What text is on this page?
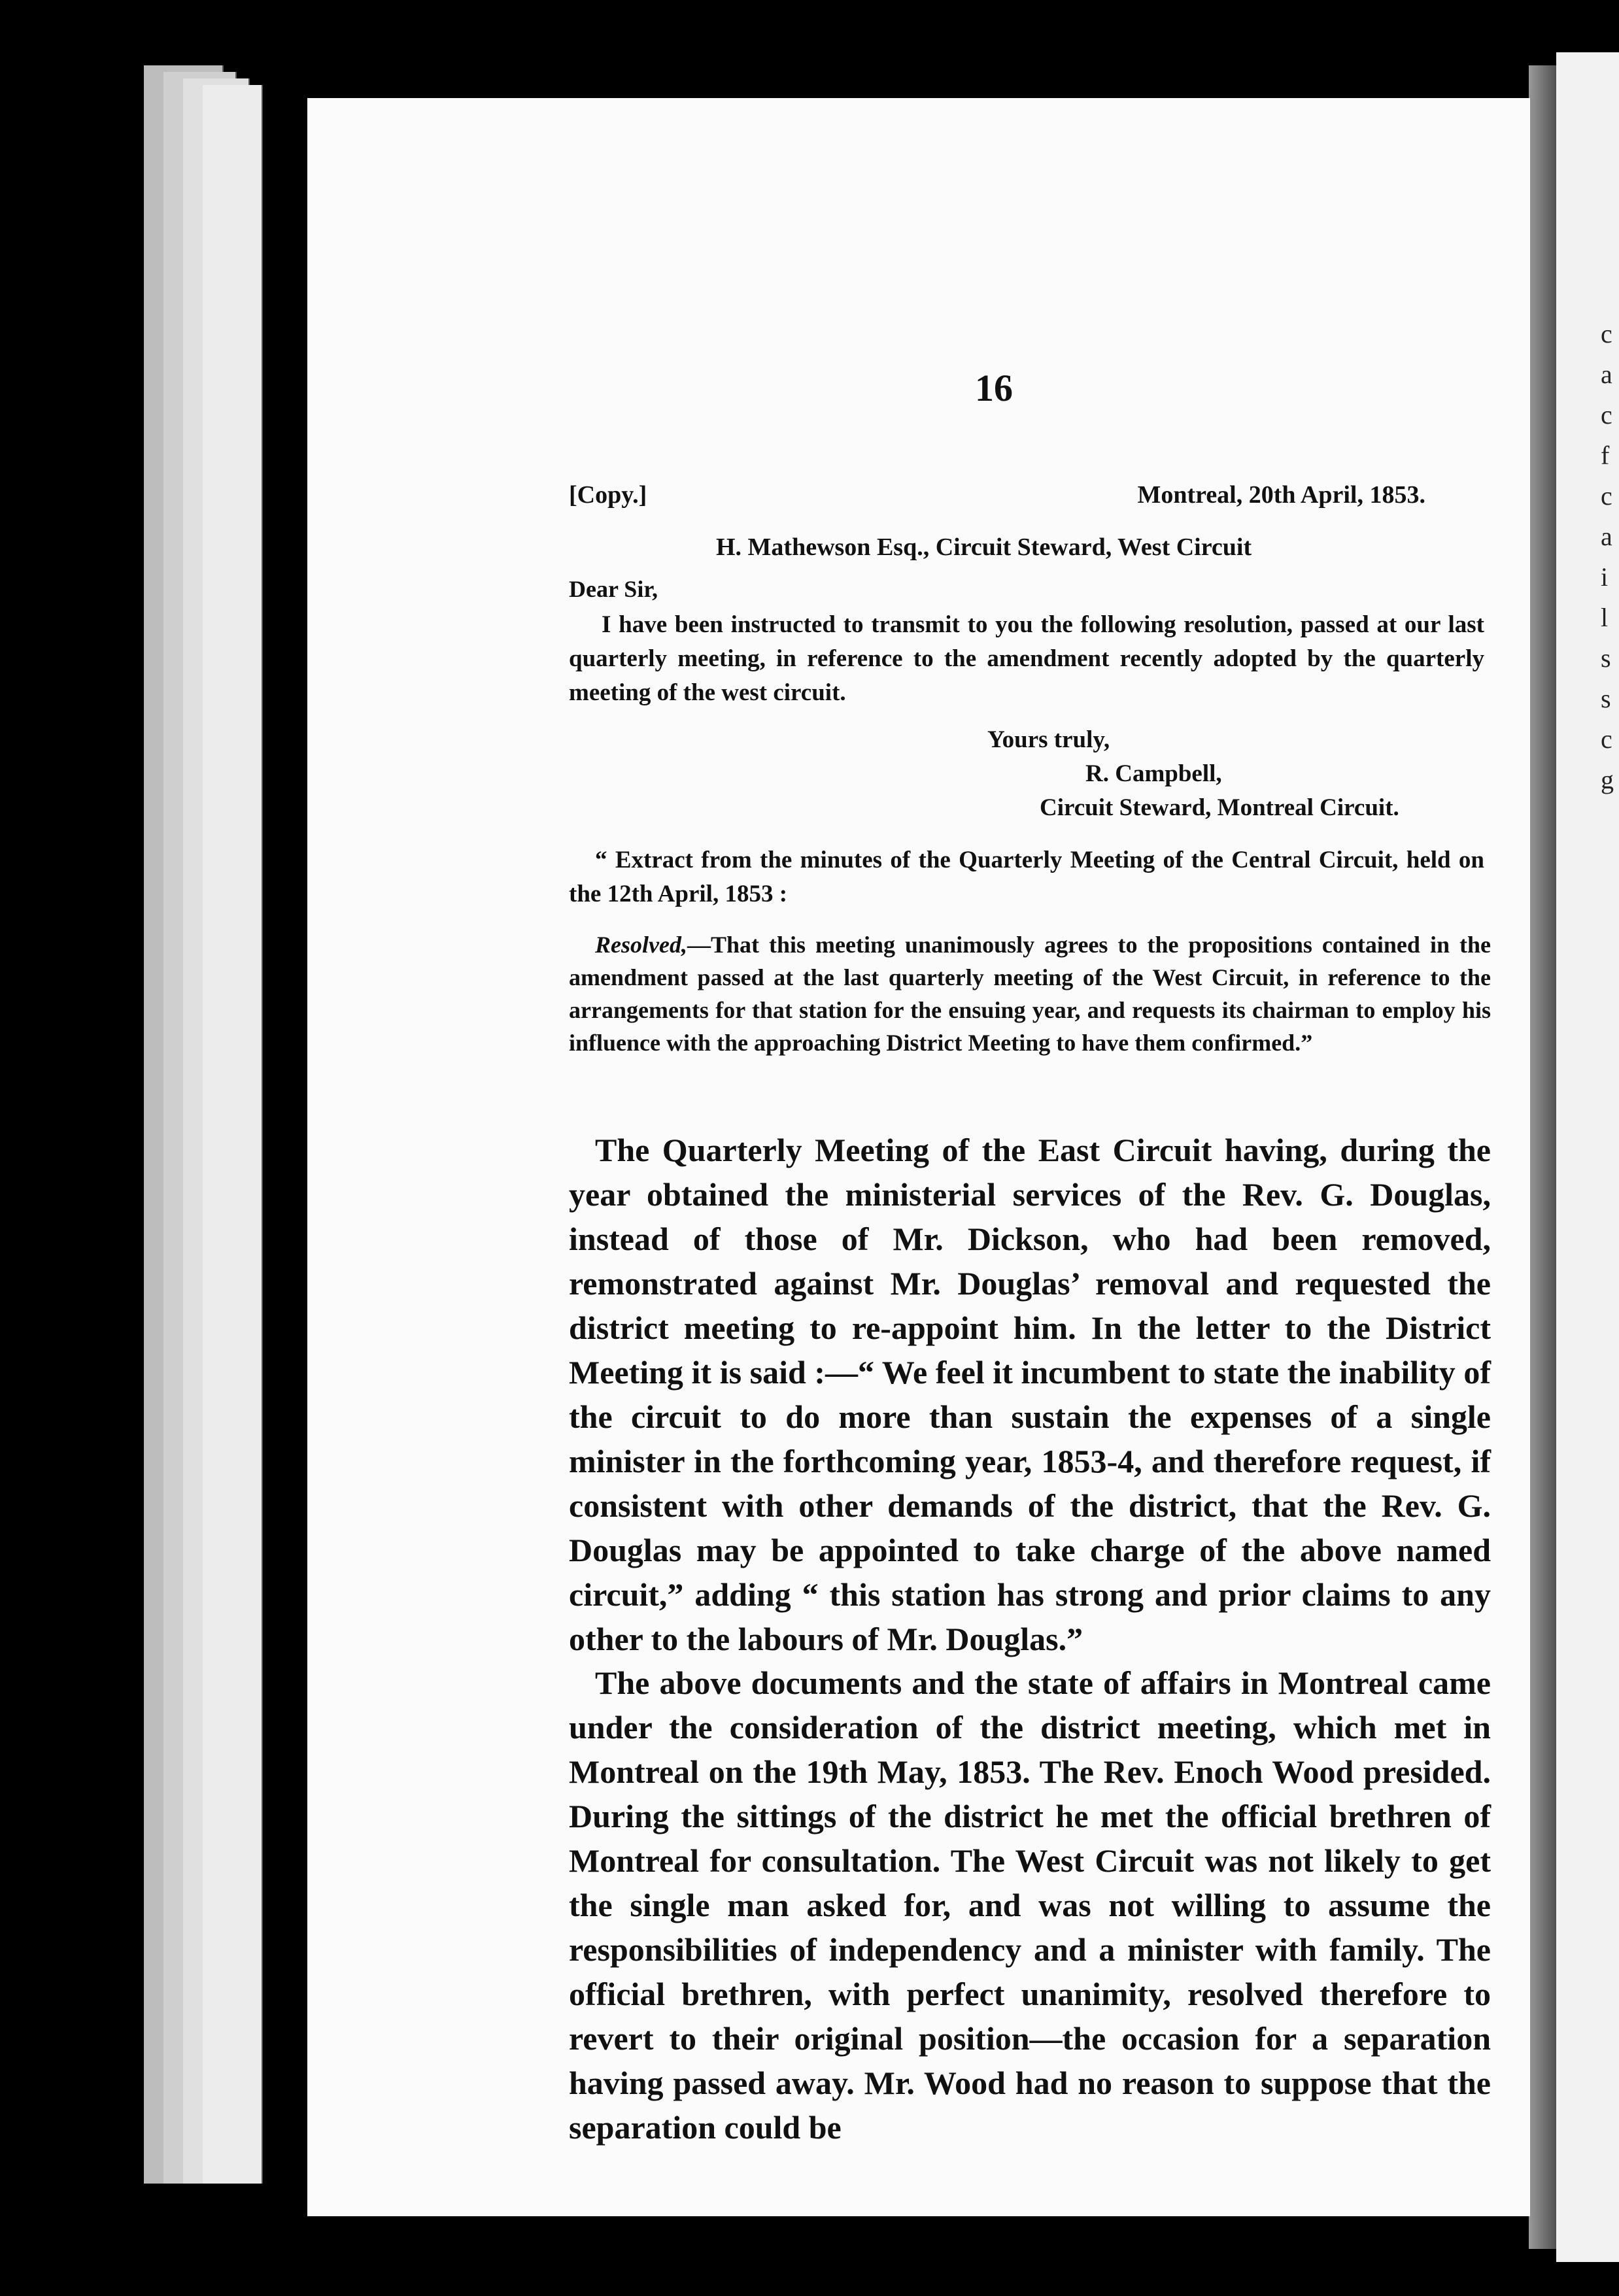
c
a
c
f
c
a
i
l
s
s
c
g
16
[Copy.]	Montreal, 20th April, 1853.
H. Mathewson Esq., Circuit Steward, West Circuit
Dear Sir,
I have been instructed to transmit to you the following resolution, passed at our last quarterly meeting, in reference to the amendment recently adopted by the quarterly meeting of the west circuit.
Yours truly,
R. Campbell,
Circuit Steward, Montreal Circuit.
“ Extract from the minutes of the Quarterly Meeting of the Central Circuit, held on the 12th April, 1853 :
Resolved,—That this meeting unanimously agrees to the propositions contained in the amendment passed at the last quarterly meeting of the West Circuit, in reference to the arrangements for that station for the ensuing year, and requests its chairman to employ his influence with the approaching District Meeting to have them confirmed.”
The Quarterly Meeting of the East Circuit having, during the year obtained the ministerial services of the Rev. G. Douglas, instead of those of Mr. Dickson, who had been removed, remonstrated against Mr. Douglas’ removal and requested the district meeting to re-appoint him. In the letter to the District Meeting it is said :—“ We feel it incumbent to state the inability of the circuit to do more than sustain the expenses of a single minister in the forthcoming year, 1853-4, and therefore request, if consistent with other demands of the district, that the Rev. G. Douglas may be appointed to take charge of the above named circuit,” adding “ this station has strong and prior claims to any other to the labours of Mr. Douglas.”
The above documents and the state of affairs in Montreal came under the consideration of the district meeting, which met in Montreal on the 19th May, 1853. The Rev. Enoch Wood presided. During the sittings of the district he met the official brethren of Montreal for consultation. The West Circuit was not likely to get the single man asked for, and was not willing to assume the responsibilities of independency and a minister with family. The official brethren, with perfect unanimity, resolved therefore to revert to their original position—the occasion for a separation having passed away. Mr. Wood had no reason to suppose that the separation could be
